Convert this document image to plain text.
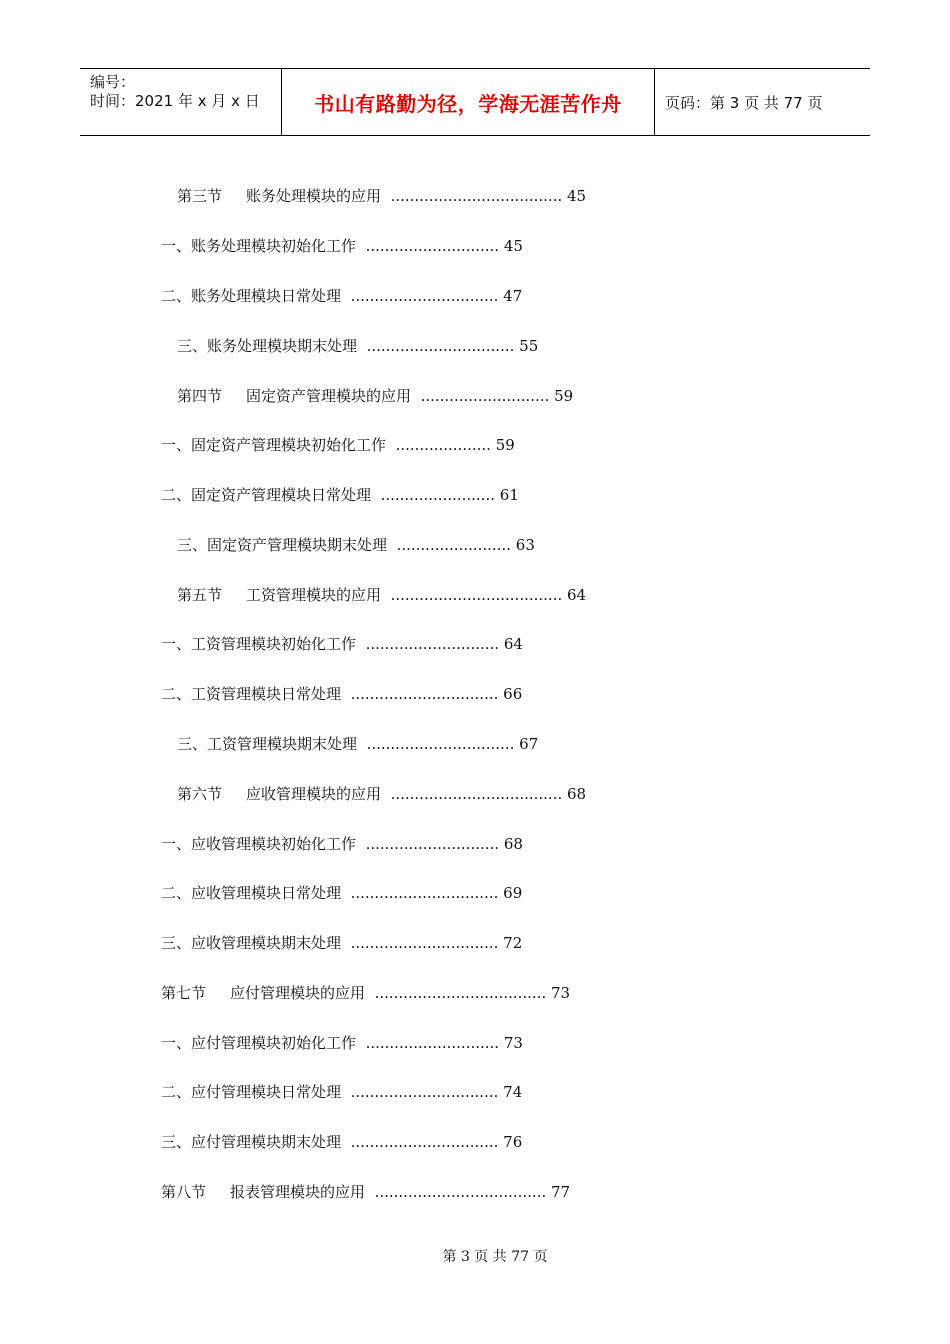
编号：
时间：2021 年 x 月 x 日	书山有路勤为径，学海无涯苦作舟	页码：第 3 页 共 77 页
第三节 账务处理模块的应用 .................................... 45
一、账务处理模块初始化工作 ............................ 45
二、账务处理模块日常处理 ............................... 47
三、账务处理模块期末处理 ............................... 55
第四节 固定资产管理模块的应用 ........................... 59
一、固定资产管理模块初始化工作 .................... 59
二、固定资产管理模块日常处理 ........................ 61
三、固定资产管理模块期末处理 ........................ 63
第五节 工资管理模块的应用 .................................... 64
一、工资管理模块初始化工作 ............................ 64
二、工资管理模块日常处理 ............................... 66
三、工资管理模块期末处理 ............................... 67
第六节 应收管理模块的应用 .................................... 68
一、应收管理模块初始化工作 ............................ 68
二、应收管理模块日常处理 ............................... 69
三、应收管理模块期末处理 ............................... 72
第七节 应付管理模块的应用 .................................... 73
一、应付管理模块初始化工作 ............................ 73
二、应付管理模块日常处理 ............................... 74
三、应付管理模块期末处理 ............................... 76
第八节 报表管理模块的应用 .................................... 77
第 3 页 共 77 页
